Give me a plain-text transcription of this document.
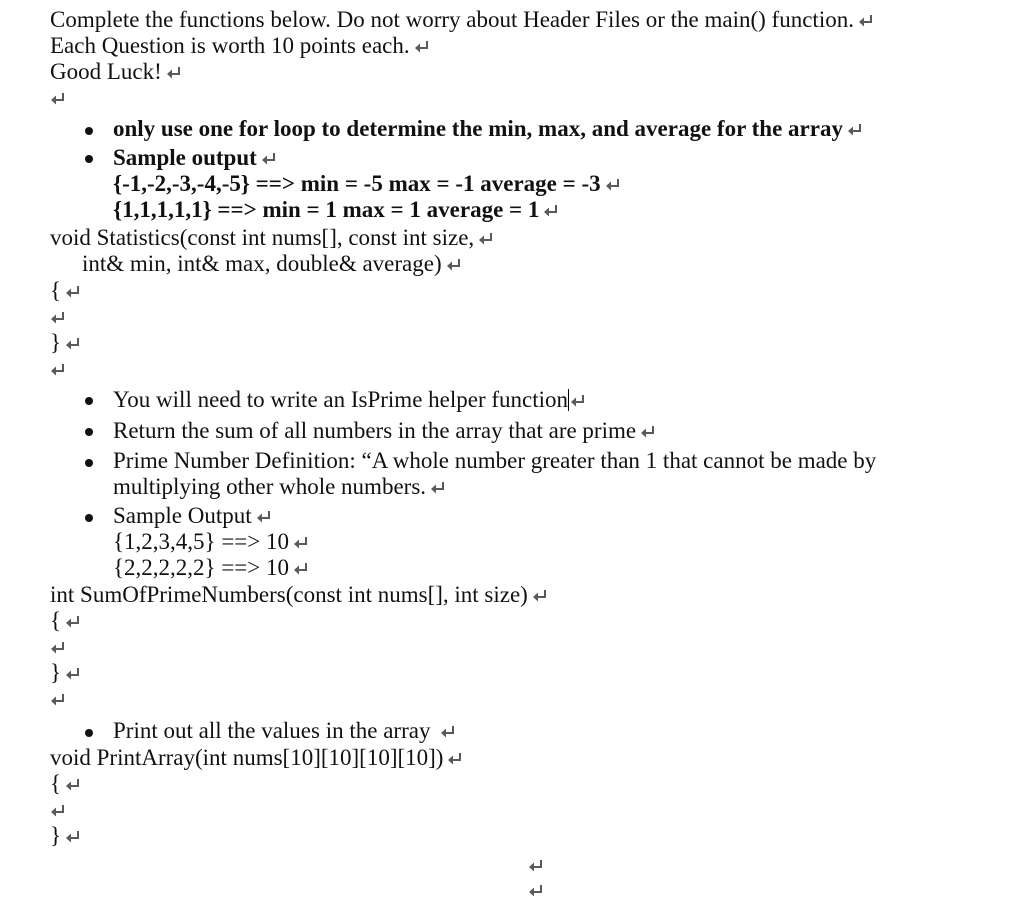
Complete the functions below. Do not worry about Header Files or the main() function.
Each Question is worth 10 points each.
Good Luck!
only use one for loop to determine the min, max, and average for the array
Sample output
{-1,-2,-3,-4,-5} ==> min = -5 max = -1 average = -3
{1,1,1,1,1} ==> min = 1 max = 1 average = 1
void Statistics(const int nums[], const int size,
int& min, int& max, double& average)
{
}
You will need to write an IsPrime helper function
Return the sum of all numbers in the array that are prime
Prime Number Definition: “A whole number greater than 1 that cannot be made by
multiplying other whole numbers.
Sample Output
{1,2,3,4,5} ==> 10
{2,2,2,2,2} ==> 10
int SumOfPrimeNumbers(const int nums[], int size)
{
}
Print out all the values in the array
void PrintArray(int nums[10][10][10][10])
{
}
